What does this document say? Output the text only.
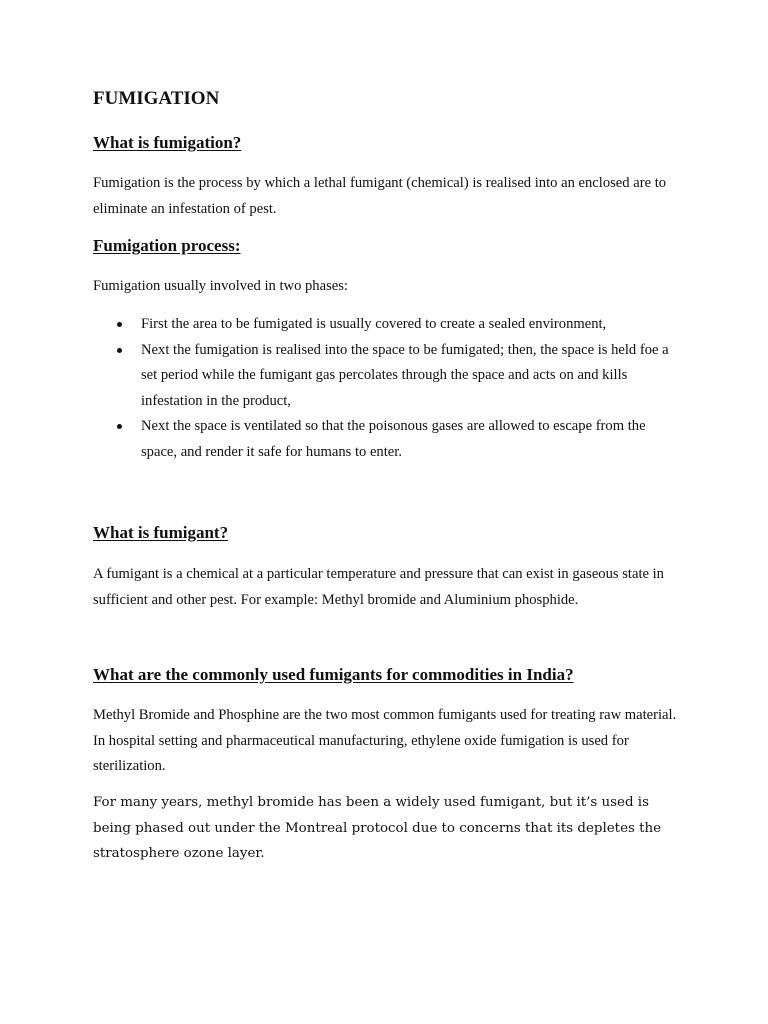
FUMIGATION
What is fumigation?

Fumigation is the process by which a lethal fumigant (chemical) is realised into an enclosed are to eliminate an infestation of pest.

Fumigation process:

Fumigation usually involved in two phases:

First the area to be fumigated is usually covered to create a sealed environment,
Next the fumigation is realised into the space to be fumigated; then, the space is held foe a set period while the fumigant gas percolates through the space and acts on and kills infestation in the product,
Next the space is ventilated so that the poisonous gases are allowed to escape from the space, and render it safe for humans to enter.
What is fumigant?

A fumigant is a chemical at a particular temperature and pressure that can exist in gaseous state in sufficient and other pest. For example: Methyl bromide and Aluminium phosphide.

What are the commonly used fumigants for commodities in India?

Methyl Bromide and Phosphine are the two most common fumigants used for treating raw material. In hospital setting and pharmaceutical manufacturing, ethylene oxide fumigation is used for sterilization.

For many years, methyl bromide has been a widely used fumigant, but it’s used is being phased out under the Montreal protocol due to concerns that its depletes the stratosphere ozone layer.
